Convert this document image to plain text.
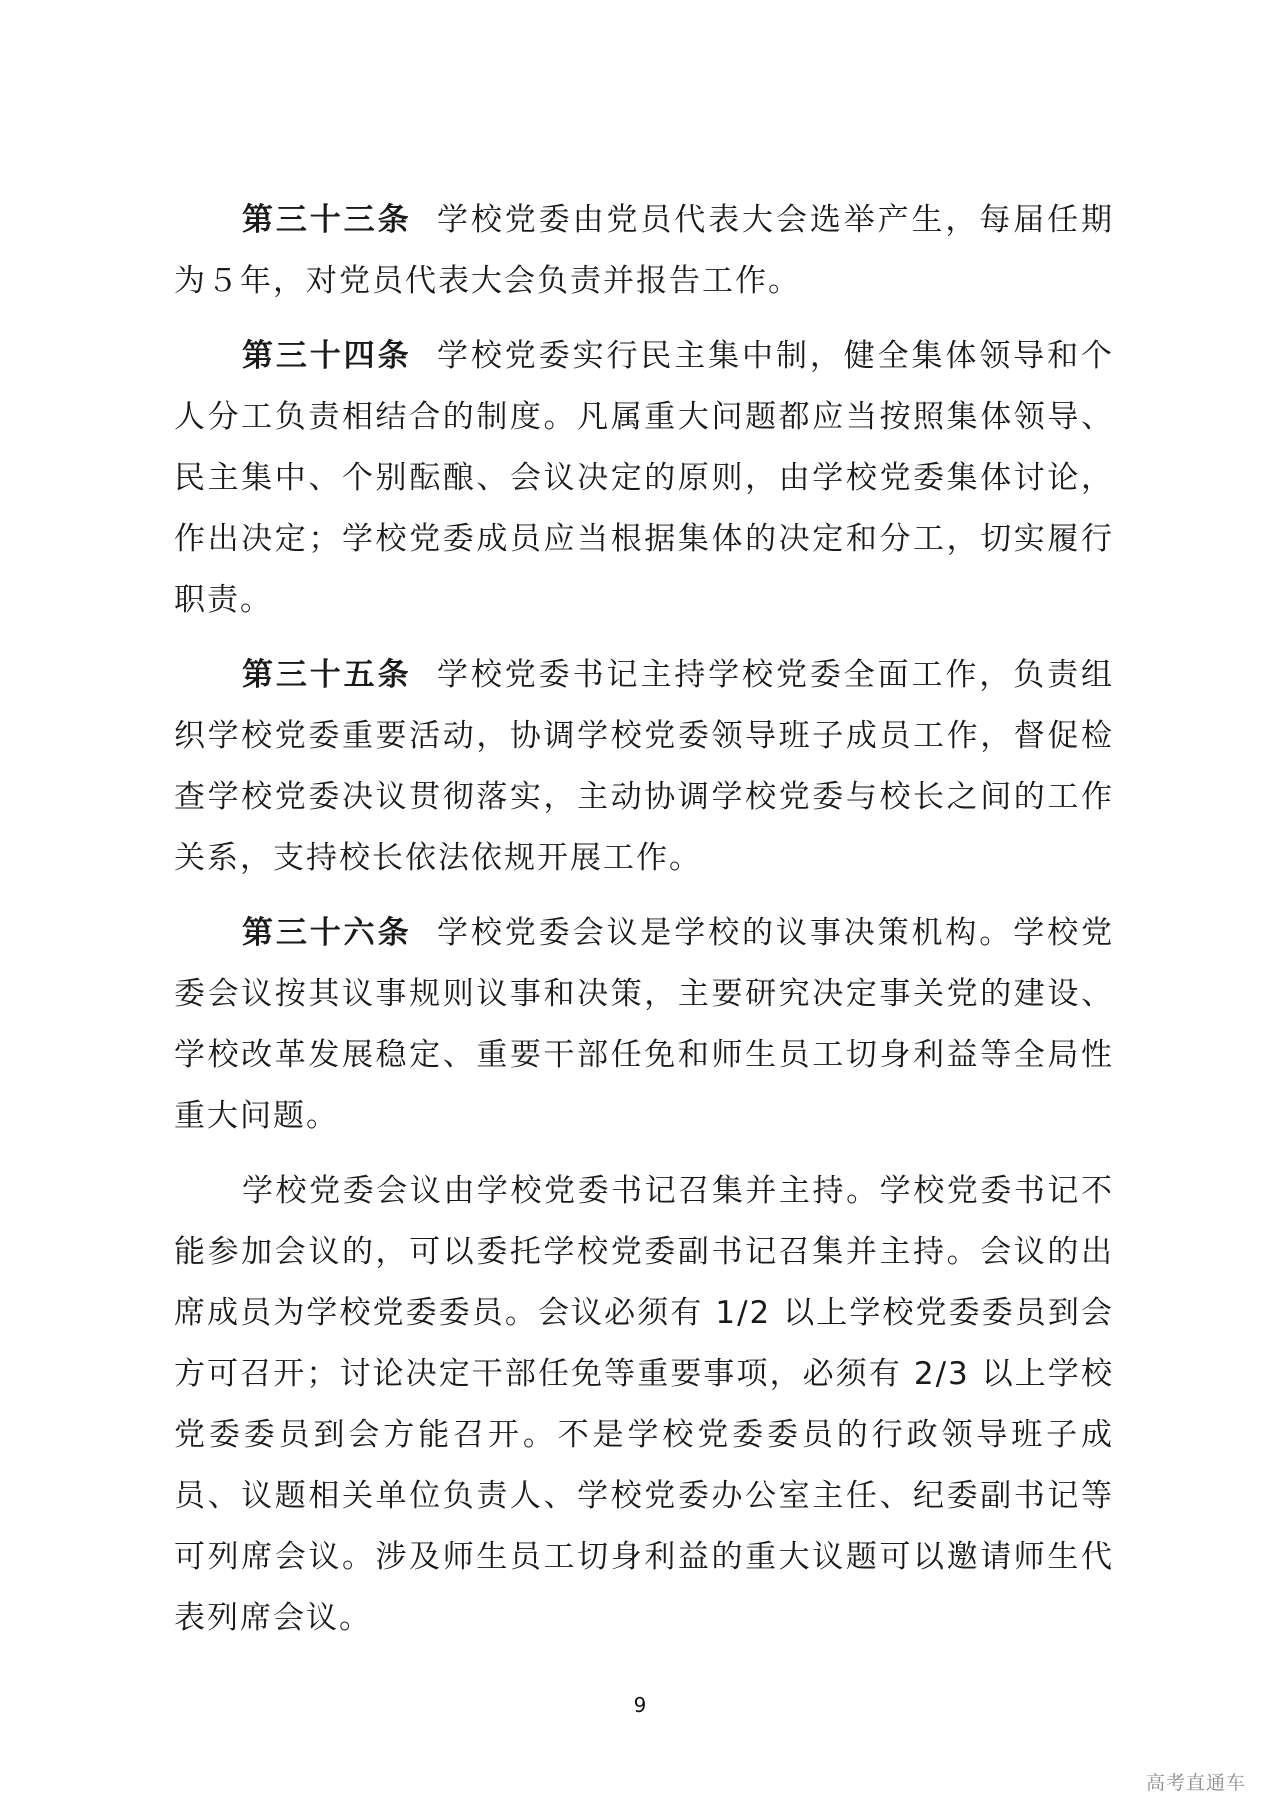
第三十三条 学校党委由党员代表大会选举产生，每届任期为５年，对党员代表大会负责并报告工作。

第三十四条 学校党委实行民主集中制，健全集体领导和个人分工负责相结合的制度。凡属重大问题都应当按照集体领导、民主集中、个别酝酿、会议决定的原则，由学校党委集体讨论，作出决定；学校党委成员应当根据集体的决定和分工，切实履行职责。

第三十五条 学校党委书记主持学校党委全面工作，负责组织学校党委重要活动，协调学校党委领导班子成员工作，督促检查学校党委决议贯彻落实，主动协调学校党委与校长之间的工作关系，支持校长依法依规开展工作。

第三十六条 学校党委会议是学校的议事决策机构。学校党委会议按其议事规则议事和决策，主要研究决定事关党的建设、学校改革发展稳定、重要干部任免和师生员工切身利益等全局性重大问题。

学校党委会议由学校党委书记召集并主持。学校党委书记不能参加会议的，可以委托学校党委副书记召集并主持。会议的出席成员为学校党委委员。会议必须有 1/2 以上学校党委委员到会方可召开；讨论决定干部任免等重要事项，必须有 2/3 以上学校党委委员到会方能召开。不是学校党委委员的行政领导班子成员、议题相关单位负责人、学校党委办公室主任、纪委副书记等可列席会议。涉及师生员工切身利益的重大议题可以邀请师生代表列席会议。

9
高考直通车
